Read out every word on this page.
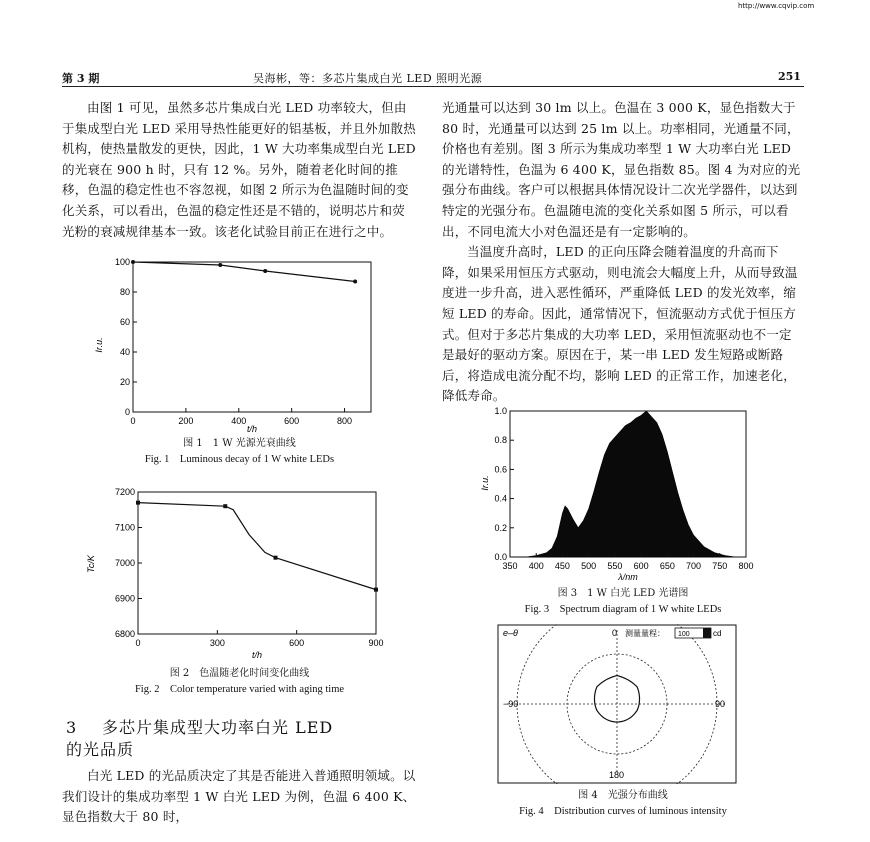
http://www.cqvip.com
第 3 期	吴海彬，等：多芯片集成白光 LED 照明光源	251

由图 1 可见，虽然多芯片集成白光 LED 功率较大，但由于集成型白光 LED 采用导热性能更好的铝基板，并且外加散热机构，使热量散发的更快，因此，1 W 大功率集成型白光 LED 的光衰在 900 h 时，只有 12 %。另外，随着老化时间的推移，色温的稳定性也不容忽视，如图 2 所示为色温随时间的变化关系，可以看出，色温的稳定性还是不错的，说明芯片和荧光粉的衰减规律基本一致。该老化试验目前正在进行之中。

0	200	400	600	800
0
20
40
60
80
100
Ir.u.
t/h
图 1　1 W 光源光衰曲线
Fig. 1　Luminous decay of 1 W white LEDs
0	300	600	900
6800
6900
7000
7100
7200
Tc/K
t/h
图 2　色温随老化时间变化曲线
Fig. 2　Color temperature varied with aging time
3 多芯片集成型大功率白光 LED
的光品质

白光 LED 的光品质决定了其是否能进入普通照明领域。以我们设计的集成功率型 1 W 白光 LED 为例，色温 6 400 K、显色指数大于 80 时，

光通量可以达到 30 lm 以上。色温在 3 000 K，显色指数大于 80 时，光通量可以达到 25 lm 以上。功率相同，光通量不同，价格也有差别。图 3 所示为集成功率型 1 W 大功率白光 LED 的光谱特性，色温为 6 400 K，显色指数 85。图 4 为对应的光强分布曲线。客户可以根据具体情况设计二次光学器件，以达到特定的光强分布。色温随电流的变化关系如图 5 所示，可以看出，不同电流大小对色温还是有一定影响的。

当温度升高时，LED 的正向压降会随着温度的升高而下降，如果采用恒压方式驱动，则电流会大幅度上升，从而导致温度进一步升高，进入恶性循环，严重降低 LED 的发光效率，缩短 LED 的寿命。因此，通常情况下，恒流驱动方式优于恒压方式。但对于多芯片集成的大功率 LED，采用恒流驱动也不一定是最好的驱动方案。原因在于，某一串 LED 发生短路或断路后，将造成电流分配不均，影响 LED 的正常工作，加速老化，降低寿命。

350 400 450 500 550 600 650 700 750 800
0.0
0.2
0.4
0.6
0.8
1.0
Ir.u.
λ/nm
图 3　1 W 白光 LED 光谱图
Fig. 3　Spectrum diagram of 1 W white LEDs
e–θ	0 测量量程： 100	cd
−90	90
180
图 4　光强分布曲线
Fig. 4　Distribution curves of luminous intensity
